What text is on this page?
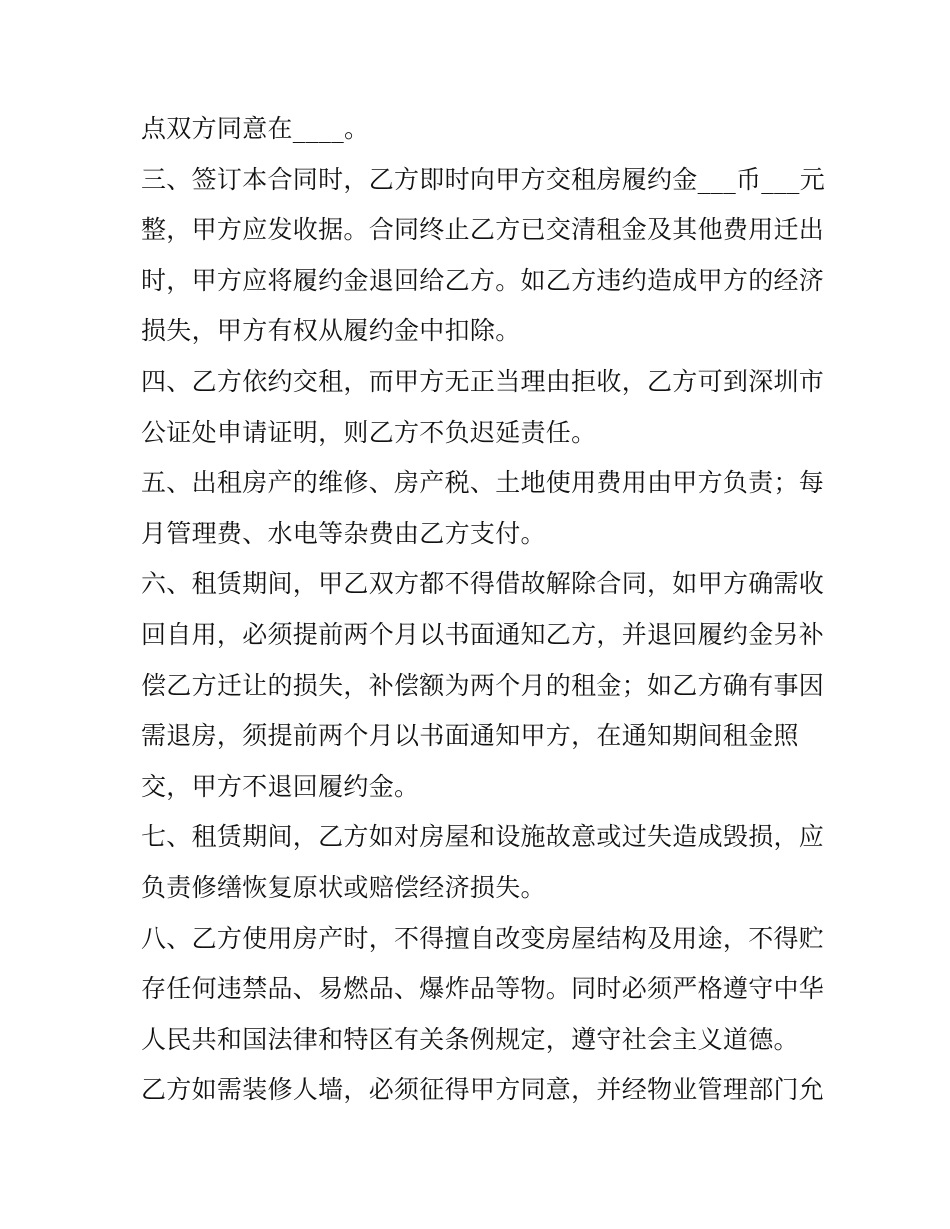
点双方同意在____。
三、签订本合同时，乙方即时向甲方交租房履约金___币___元
整，甲方应发收据。合同终止乙方已交清租金及其他费用迁出
时，甲方应将履约金退回给乙方。如乙方违约造成甲方的经济
损失，甲方有权从履约金中扣除。
四、乙方依约交租，而甲方无正当理由拒收，乙方可到深圳市
公证处申请证明，则乙方不负迟延责任。
五、出租房产的维修、房产税、土地使用费用由甲方负责；每
月管理费、水电等杂费由乙方支付。
六、租赁期间，甲乙双方都不得借故解除合同，如甲方确需收
回自用，必须提前两个月以书面通知乙方，并退回履约金另补
偿乙方迁让的损失，补偿额为两个月的租金；如乙方确有事因
需退房，须提前两个月以书面通知甲方，在通知期间租金照
交，甲方不退回履约金。
七、租赁期间，乙方如对房屋和设施故意或过失造成毁损，应
负责修缮恢复原状或赔偿经济损失。
八、乙方使用房产时，不得擅自改变房屋结构及用途，不得贮
存任何违禁品、易燃品、爆炸品等物。同时必须严格遵守中华
人民共和国法律和特区有关条例规定，遵守社会主义道德。
乙方如需装修人墙，必须征得甲方同意，并经物业管理部门允
